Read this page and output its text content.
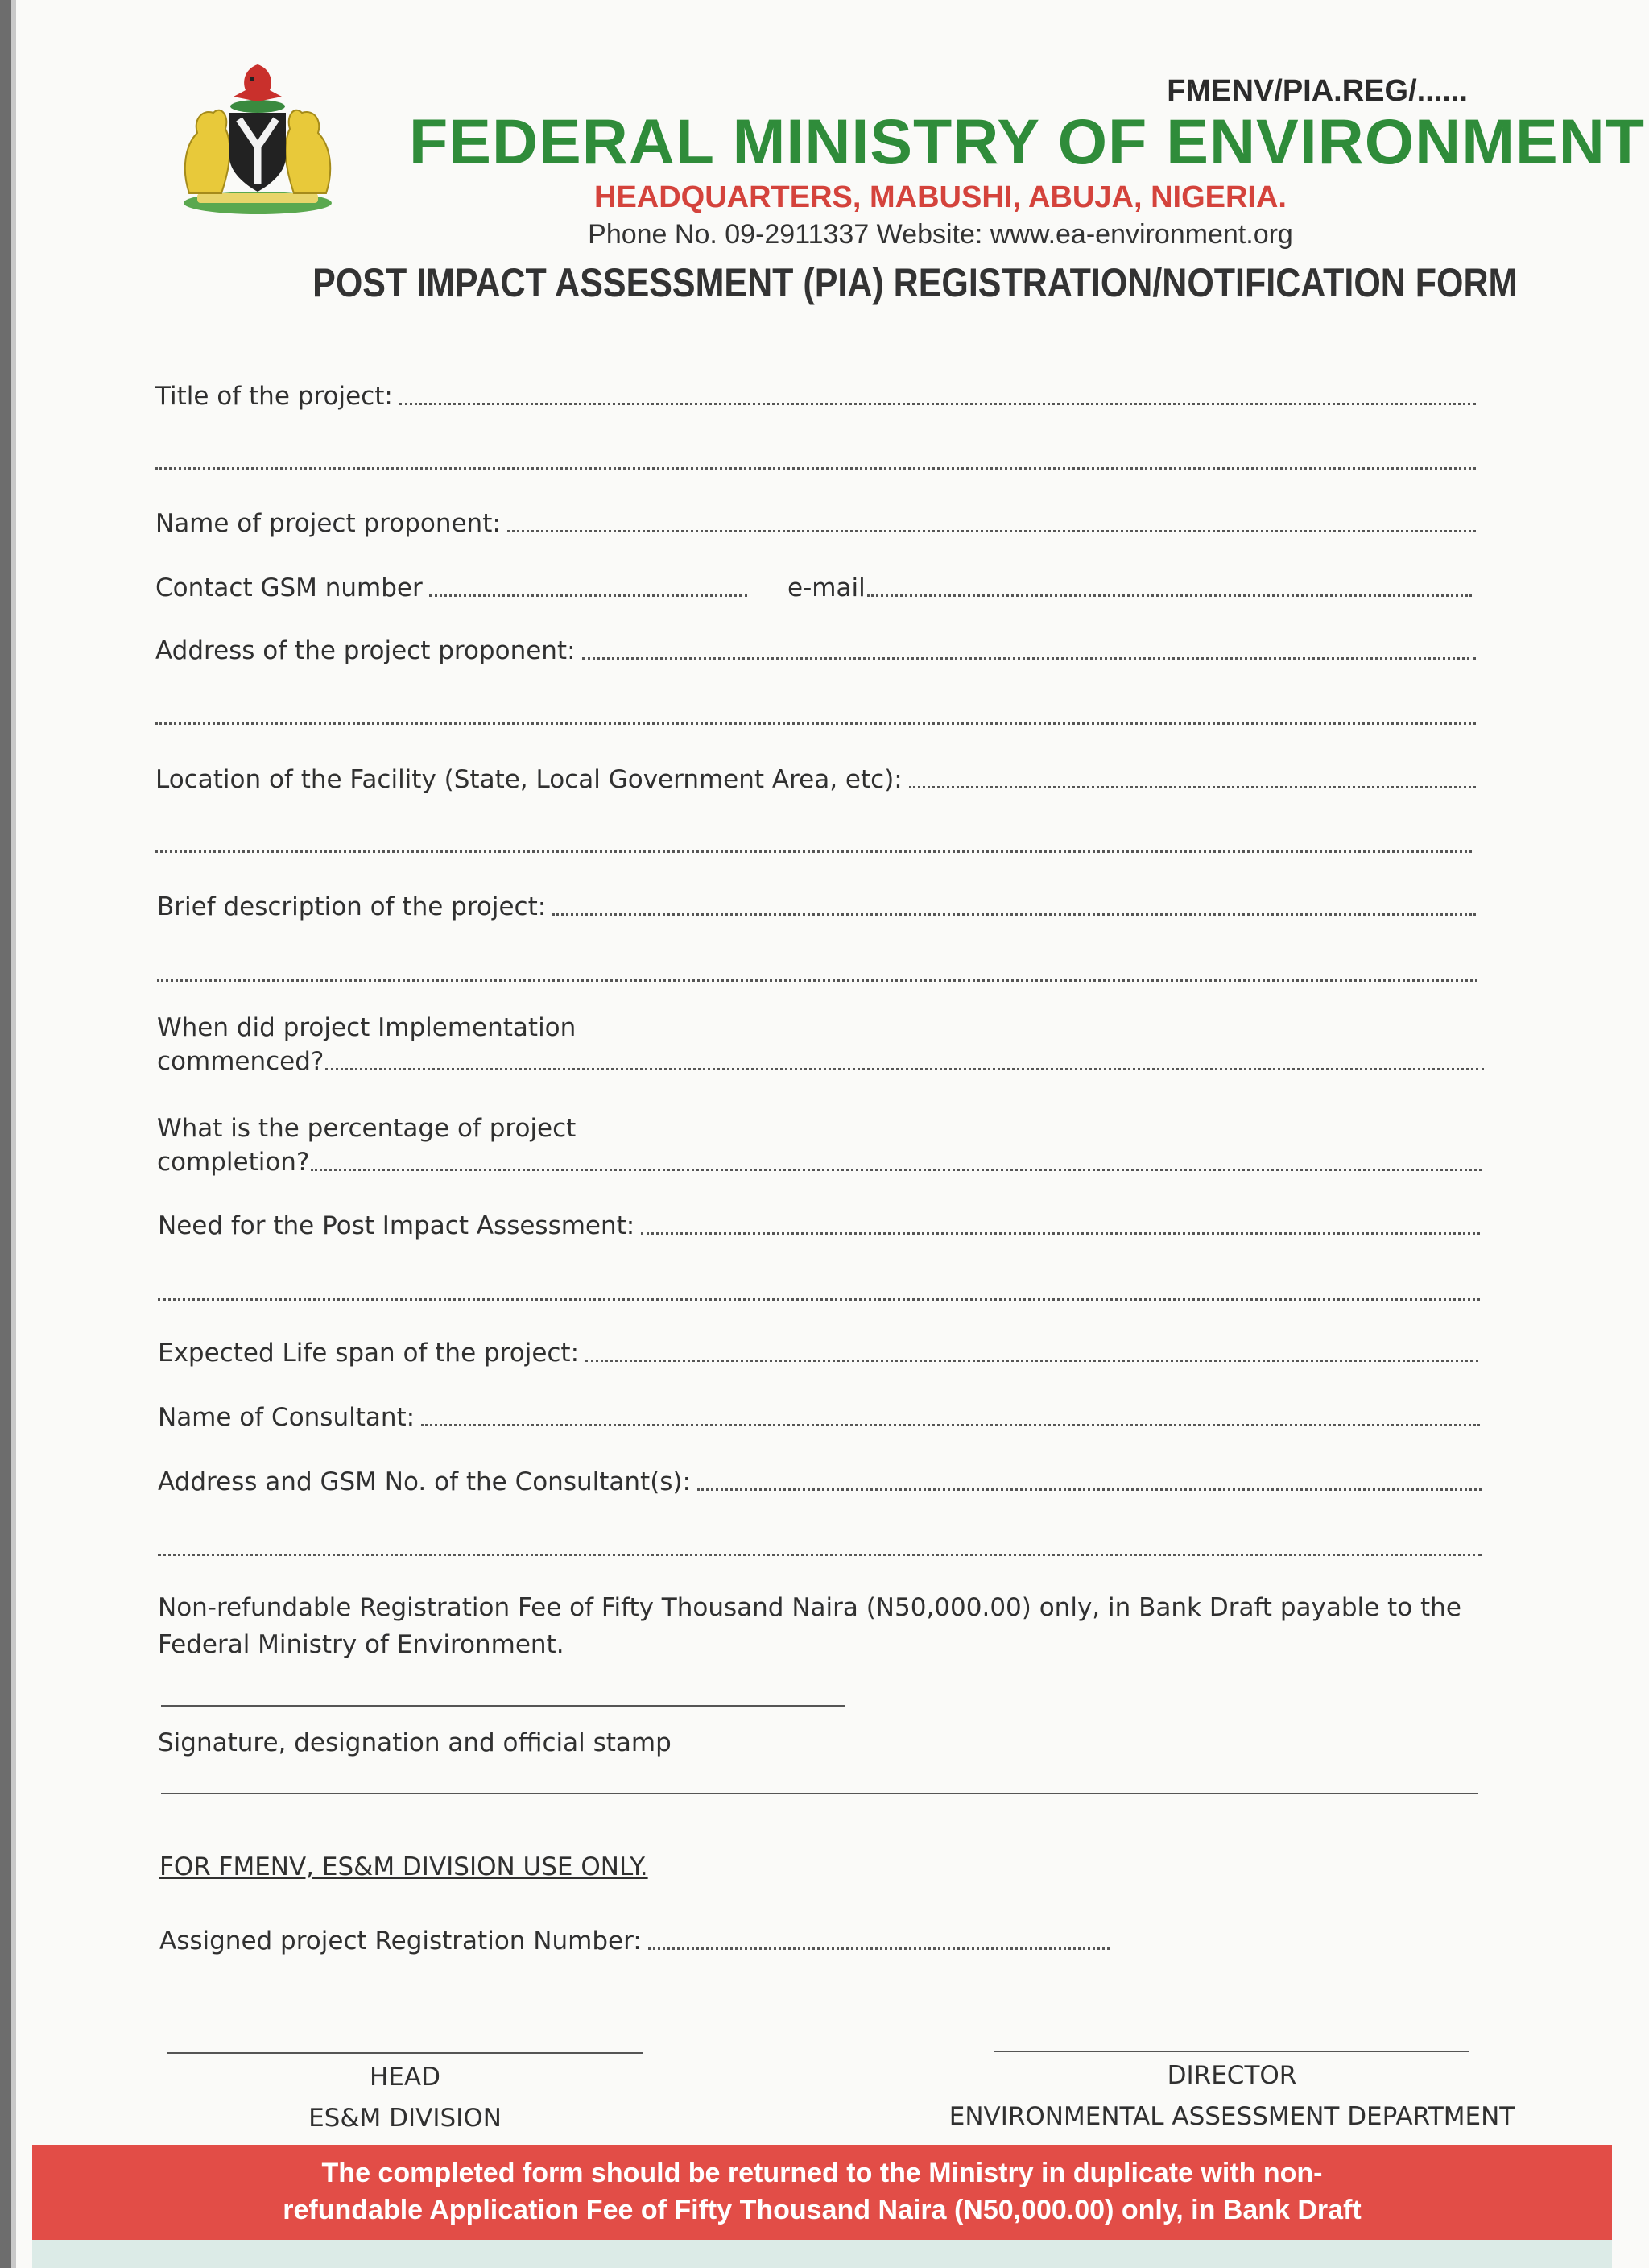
FMENV/PIA.REG/......
FEDERAL MINISTRY OF ENVIRONMENT
HEADQUARTERS, MABUSHI, ABUJA, NIGERIA.
Phone No. 09-2911337 Website: www.ea-environment.org
POST IMPACT ASSESSMENT (PIA) REGISTRATION/NOTIFICATION FORM
Title of the project:
Name of project proponent:
Contact GSM number	e-mail
Address of the project proponent:
Location of the Facility (State, Local Government Area, etc):
Brief description of the project:
When did project Implementation
commenced?
What is the percentage of project
completion?
Need for the Post Impact Assessment:
Expected Life span of the project:
Name of Consultant:
Address and GSM No. of the Consultant(s):
Non-refundable Registration Fee of Fifty Thousand Naira (N50,000.00) only, in Bank Draft payable to the Federal Ministry of Environment.
Signature, designation and official stamp
FOR FMENV, ES&M DIVISION USE ONLY.
Assigned project Registration Number:
HEAD
ES&M DIVISION
DIRECTOR
ENVIRONMENTAL ASSESSMENT DEPARTMENT
The completed form should be returned to the Ministry in duplicate with non-
refundable Application Fee of Fifty Thousand Naira (N50,000.00) only, in Bank Draft
